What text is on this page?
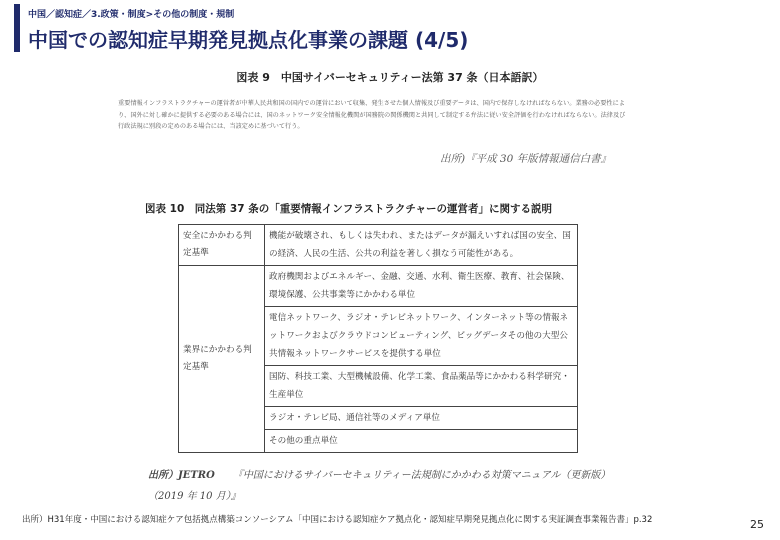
中国／認知症／3.政策・制度>その他の制度・規制
中国での認知症早期発見拠点化事業の課題 (4/5)
図表 9　中国サイバーセキュリティー法第 37 条（日本語訳）
重要情報インフラストラクチャーの運営者が中華人民共和国の国内での運営において収集、発生させた個人情報及び重要データは、国内で保存しなければならない。業務の必要性により、国外に対し確かに提供する必要のある場合には、国のネットワーク安全情報化機関が国務院の関係機関と共同して制定する弁法に従い安全評価を行わなければならない。法律及び行政法規に別段の定めのある場合には、当該定めに基づいて行う。
出所)『平成 30 年版情報通信白書』
図表 10　同法第 37 条の「重要情報インフラストラクチャーの運営者」に関する説明
安全にかかわる判定基準	機能が破壊され、もしくは失われ、またはデータが漏えいすれば国の安全、国の経済、人民の生活、公共の利益を著しく損なう可能性がある。
業界にかかわる判定基準	政府機関およびエネルギー、金融、交通、水利、衛生医療、教育、社会保険、環境保護、公共事業等にかかわる単位
	電信ネットワーク、ラジオ・テレビネットワーク、インターネット等の情報ネットワークおよびクラウドコンピューティング、ビッグデータその他の大型公共情報ネットワークサービスを提供する単位
	国防、科技工業、大型機械設備、化学工業、食品薬品等にかかわる科学研究・生産単位
	ラジオ・テレビ局、通信社等のメディア単位
	その他の重点単位
出所）JETRO 『中国におけるサイバーセキュリティー法規制にかかわる対策マニュアル（更新版）（2019 年 10 月）』
出所）H31年度・中国における認知症ケア包括拠点構築コンソーシアム「中国における認知症ケア拠点化・認知症早期発見拠点化に関する実証調査事業報告書」p.32	25
